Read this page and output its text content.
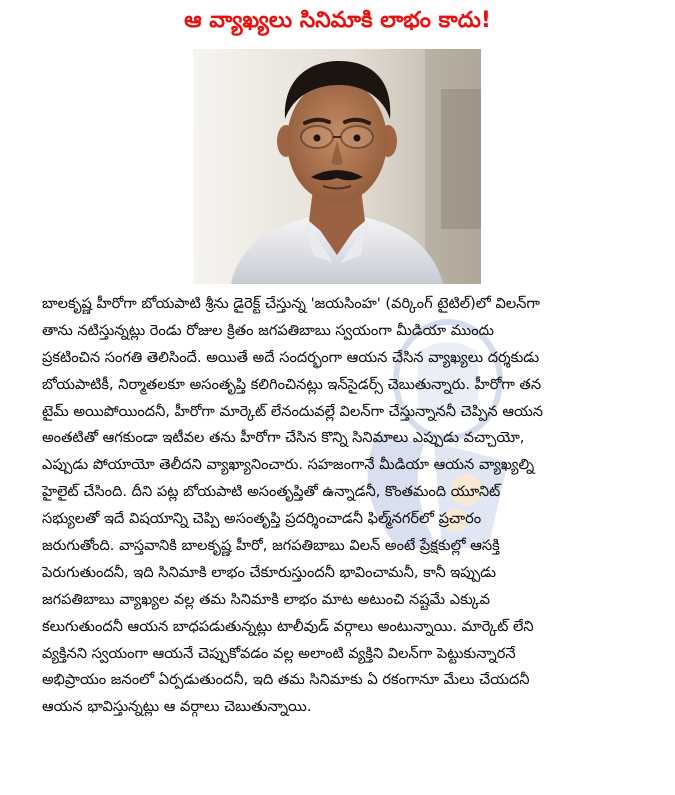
ఆ వ్యాఖ్యలు సినిమాకి లాభం కాదు!
బాలకృష్ణ హీరోగా బోయపాటి శ్రీను డైరెక్ట్ చేస్తున్న 'జయసింహ' (వర్కింగ్ టైటిల్)లో విలన్‌గా
తాను నటిస్తున్నట్లు రెండు రోజుల క్రితం జగపతిబాబు స్వయంగా మీడియా ముందు
ప్రకటించిన సంగతి తెలిసిందే. అయితే అదే సందర్భంగా ఆయన చేసిన వ్యాఖ్యలు దర్శకుడు
బోయపాటికీ, నిర్మాతలకూ అసంతృప్తి కలిగించినట్లు ఇన్‌సైడర్స్ చెబుతున్నారు. హీరోగా తన
టైమ్ అయిపోయిందనీ, హీరోగా మార్కెట్ లేనందువల్లే విలన్‌గా చేస్తున్నాననీ చెప్పిన ఆయన
అంతటితో ఆగకుండా ఇటీవల తను హీరోగా చేసిన కొన్ని సినిమాలు ఎప్పుడు వచ్చాయో,
ఎప్పుడు పోయాయో తెలీదని వ్యాఖ్యానించారు. సహజంగానే మీడియా ఆయన వ్యాఖ్యల్ని
హైలైట్ చేసింది. దీని పట్ల బోయపాటి అసంతృప్తితో ఉన్నాడనీ, కొంతమంది యూనిట్
సభ్యులతో ఇదే విషయాన్ని చెప్పి అసంతృప్తి ప్రదర్శించాడనీ ఫిల్మ్‌నగర్‌లో ప్రచారం
జరుగుతోంది. వాస్తవానికి బాలకృష్ణ హీరో, జగపతిబాబు విలన్ అంటే ప్రేక్షకుల్లో ఆసక్తి
పెరుగుతుందనీ, ఇది సినిమాకి లాభం చేకూరుస్తుందనీ భావించామనీ, కానీ ఇప్పుడు
జగపతిబాబు వ్యాఖ్యల వల్ల తమ సినిమాకి లాభం మాట అటుంచి నష్టమే ఎక్కువ
కలుగుతుందనీ ఆయన బాధపడుతున్నట్లు టాలీవుడ్ వర్గాలు అంటున్నాయి. మార్కెట్ లేని
వ్యక్తినని స్వయంగా ఆయనే చెప్పుకోవడం వల్ల అలాంటి వ్యక్తిని విలన్‌గా పెట్టుకున్నారనే
అభిప్రాయం జనంలో ఏర్పడుతుందనీ, ఇది తమ సినిమాకు ఏ రకంగానూ మేలు చేయదనీ
ఆయన భావిస్తున్నట్లు ఆ వర్గాలు చెబుతున్నాయి.
